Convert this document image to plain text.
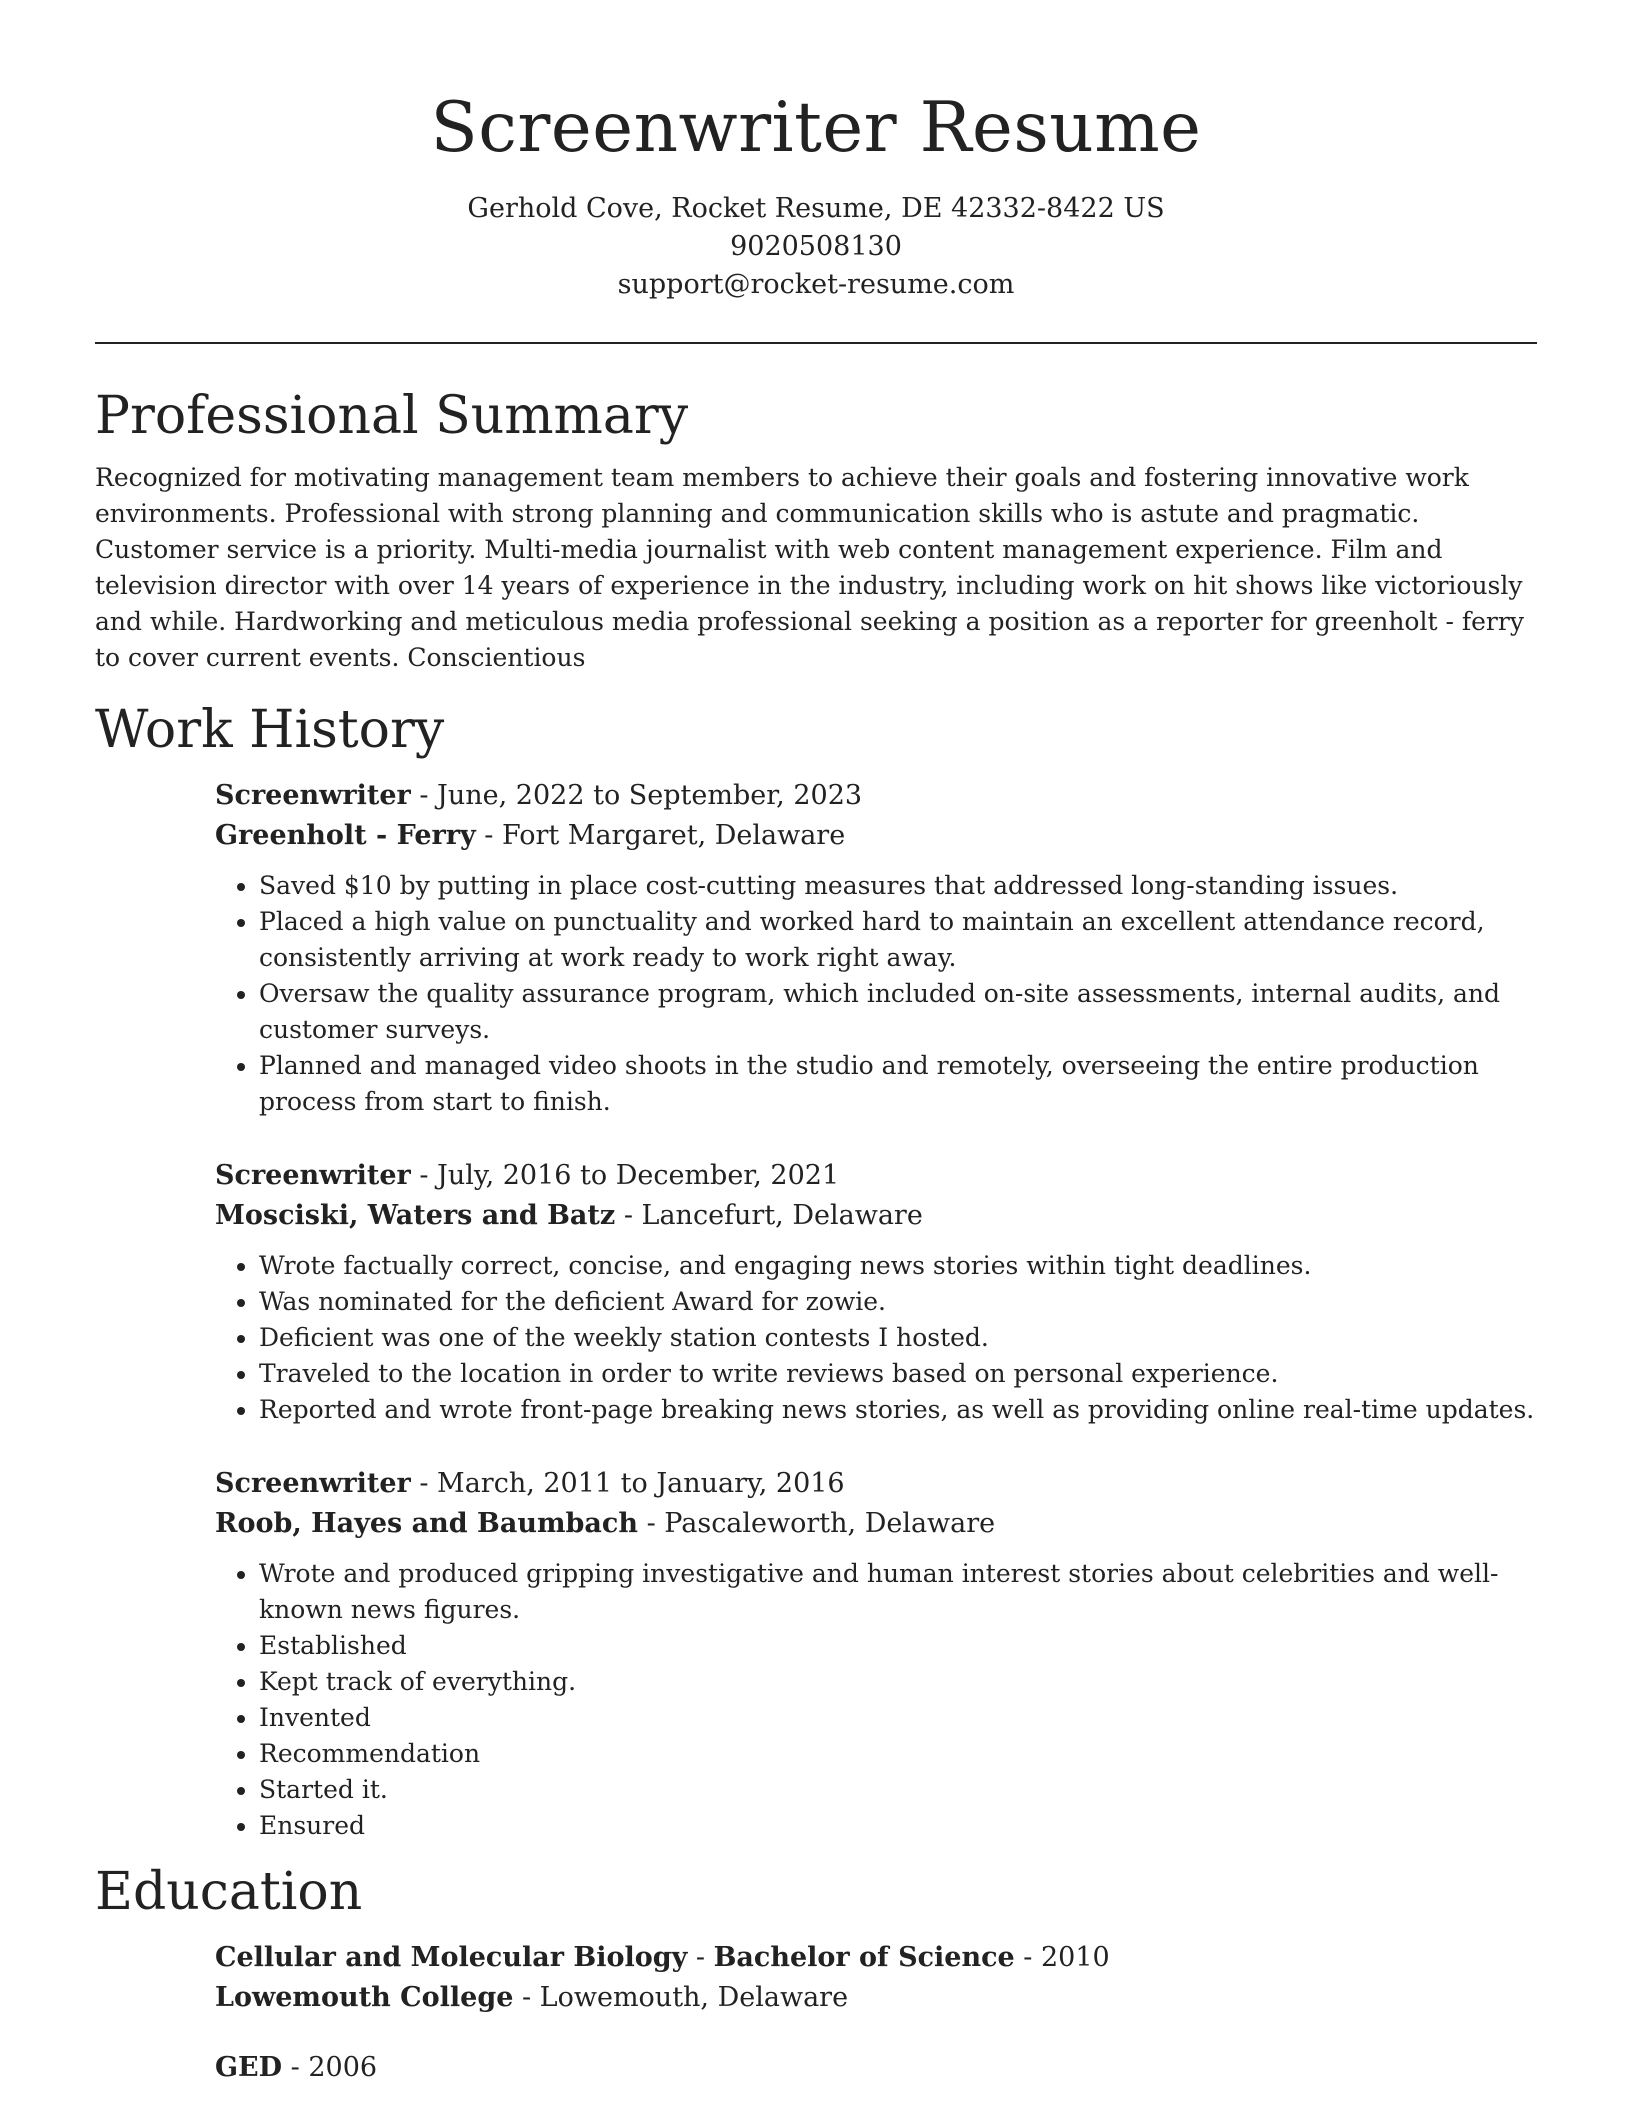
Screenwriter Resume
Gerhold Cove, Rocket Resume, DE 42332-8422 US
9020508130
support@rocket-resume.com
Professional Summary

Recognized for motivating management team members to achieve their goals and fostering innovative work environments. Professional with strong planning and communication skills who is astute and pragmatic. Customer service is a priority. Multi-media journalist with web content management experience. Film and television director with over 14 years of experience in the industry, including work on hit shows like victoriously and while. Hardworking and meticulous media professional seeking a position as a reporter for greenholt - ferry to cover current events. Conscientious

Work History
Screenwriter - June, 2022 to September, 2023
Greenholt - Ferry - Fort Margaret, Delaware
• Saved $10 by putting in place cost-cutting measures that addressed long-standing issues.
• Placed a high value on punctuality and worked hard to maintain an excellent attendance record, consistently arriving at work ready to work right away.
• Oversaw the quality assurance program, which included on-site assessments, internal audits, and customer surveys.
• Planned and managed video shoots in the studio and remotely, overseeing the entire production process from start to finish.
Screenwriter - July, 2016 to December, 2021
Mosciski, Waters and Batz - Lancefurt, Delaware
• Wrote factually correct, concise, and engaging news stories within tight deadlines.
• Was nominated for the deficient Award for zowie.
• Deficient was one of the weekly station contests I hosted.
• Traveled to the location in order to write reviews based on personal experience.
• Reported and wrote front-page breaking news stories, as well as providing online real-time updates.
Screenwriter - March, 2011 to January, 2016
Roob, Hayes and Baumbach - Pascaleworth, Delaware
• Wrote and produced gripping investigative and human interest stories about celebrities and well-known news figures.
• Established
• Kept track of everything.
• Invented
• Recommendation
• Started it.
• Ensured
Education
Cellular and Molecular Biology - Bachelor of Science - 2010
Lowemouth College - Lowemouth, Delaware
GED - 2006
